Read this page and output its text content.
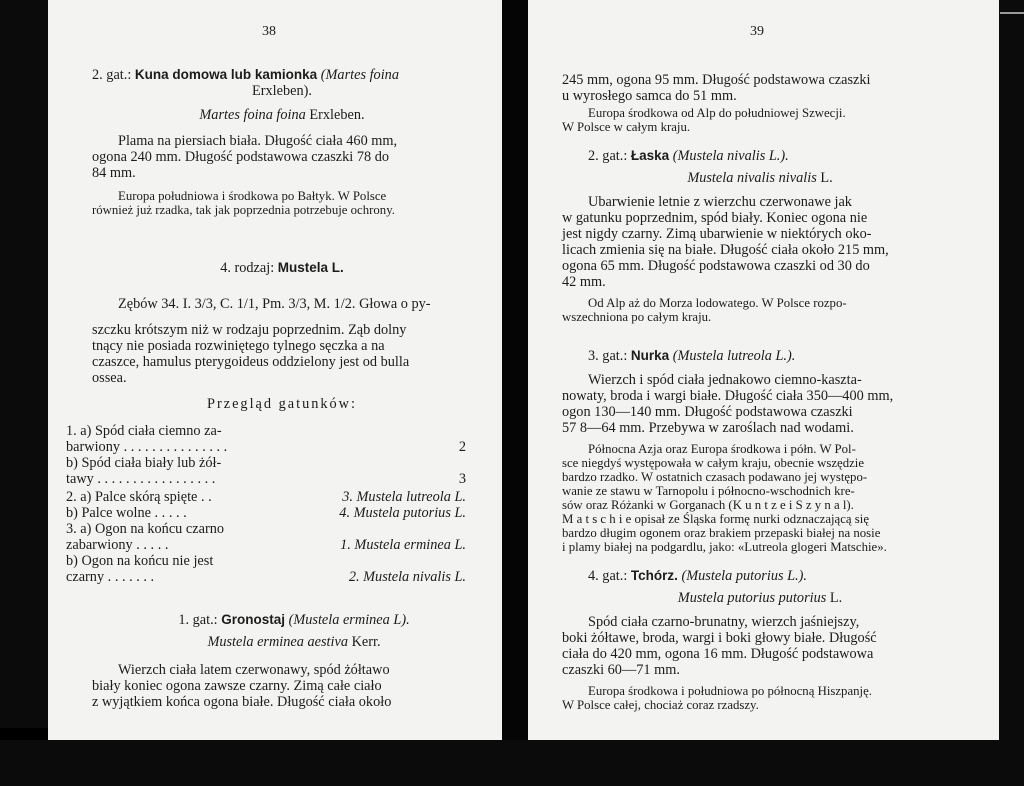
38

2. gat.: Kuna domowa lub kamionka (Martes foina

Erxleben).

Martes foina foina Erxleben.

Plama na piersiach biała. Długość ciała 460 mm,

ogona 240 mm. Długość podstawowa czaszki 78 do

84 mm.

Europa południowa i środkowa po Bałtyk. W Polsce

również już rzadka, tak jak poprzednia potrzebuje ochrony.

4. rodzaj: Mustela L.

Zębów 34. I. 3/3, C. 1/1, Pm. 3/3, M. 1/2. Głowa o py-

szczku krótszym niż w rodzaju poprzednim. Ząb dolny

tnący nie posiada rozwiniętego tylnego sęczka a na

czaszce, hamulus pterygoideus oddzielony jest od bulla

ossea.

Przegląd gatunków:

1. a) Spód ciała ciemno za-
barwiony . . . . . . . . . . . . . . .	2
b) Spód ciała biały lub żół-
tawy . . . . . . . . . . . . . . . . .	3
2. a) Palce skórą spięte . .	3. Mustela lutreola L.
b) Palce wolne . . . . .	4. Mustela putorius L.
3. a) Ogon na końcu czarno
zabarwiony . . . . .	1. Mustela erminea L.
b) Ogon na końcu nie jest
czarny . . . . . . .	2. Mustela nivalis L.

1. gat.: Gronostaj (Mustela erminea L).

Mustela erminea aestiva Kerr.

Wierzch ciała latem czerwonawy, spód żółtawo

biały koniec ogona zawsze czarny. Zimą całe ciało

z wyjątkiem końca ogona białe. Długość ciała około

39

245 mm, ogona 95 mm. Długość podstawowa czaszki

u wyrosłego samca do 51 mm.

Europa środkowa od Alp do południowej Szwecji.

W Polsce w całym kraju.

2. gat.: Łaska (Mustela nivalis L.).

Mustela nivalis nivalis L.

Ubarwienie letnie z wierzchu czerwonawe jak

w gatunku poprzednim, spód biały. Koniec ogona nie

jest nigdy czarny. Zimą ubarwienie w niektórych oko-

licach zmienia się na białe. Długość ciała około 215 mm,

ogona 65 mm. Długość podstawowa czaszki od 30 do

42 mm.

Od Alp aż do Morza lodowatego. W Polsce rozpo-

wszechniona po całym kraju.

3. gat.: Nurka (Mustela lutreola L.).

Wierzch i spód ciała jednakowo ciemno-kaszta-

nowaty, broda i wargi białe. Długość ciała 350—400 mm,

ogon 130—140 mm. Długość podstawowa czaszki

57 8—64 mm. Przebywa w zaroślach nad wodami.

Północna Azja oraz Europa środkowa i półn. W Pol-

sce niegdyś występowała w całym kraju, obecnie wszędzie

bardzo rzadko. W ostatnich czasach podawano jej występo-

wanie ze stawu w Tarnopolu i północno-wschodnich kre-

sów oraz Różanki w Gorganach (K u n t z e i S z y n a l).

M a t s c h i e opisał ze Śląska formę nurki odznaczającą się

bardzo długim ogonem oraz brakiem przepaski białej na nosie

i plamy białej na podgardlu, jako: «Lutreola glogeri Matschie».

4. gat.: Tchórz. (Mustela putorius L.).

Mustela putorius putorius L.

Spód ciała czarno-brunatny, wierzch jaśniejszy,

boki żółtawe, broda, wargi i boki głowy białe. Długość

ciała do 420 mm, ogona 16 mm. Długość podstawowa

czaszki 60—71 mm.

Europa środkowa i południowa po północną Hiszpanję.

W Polsce całej, chociaż coraz rzadszy.
